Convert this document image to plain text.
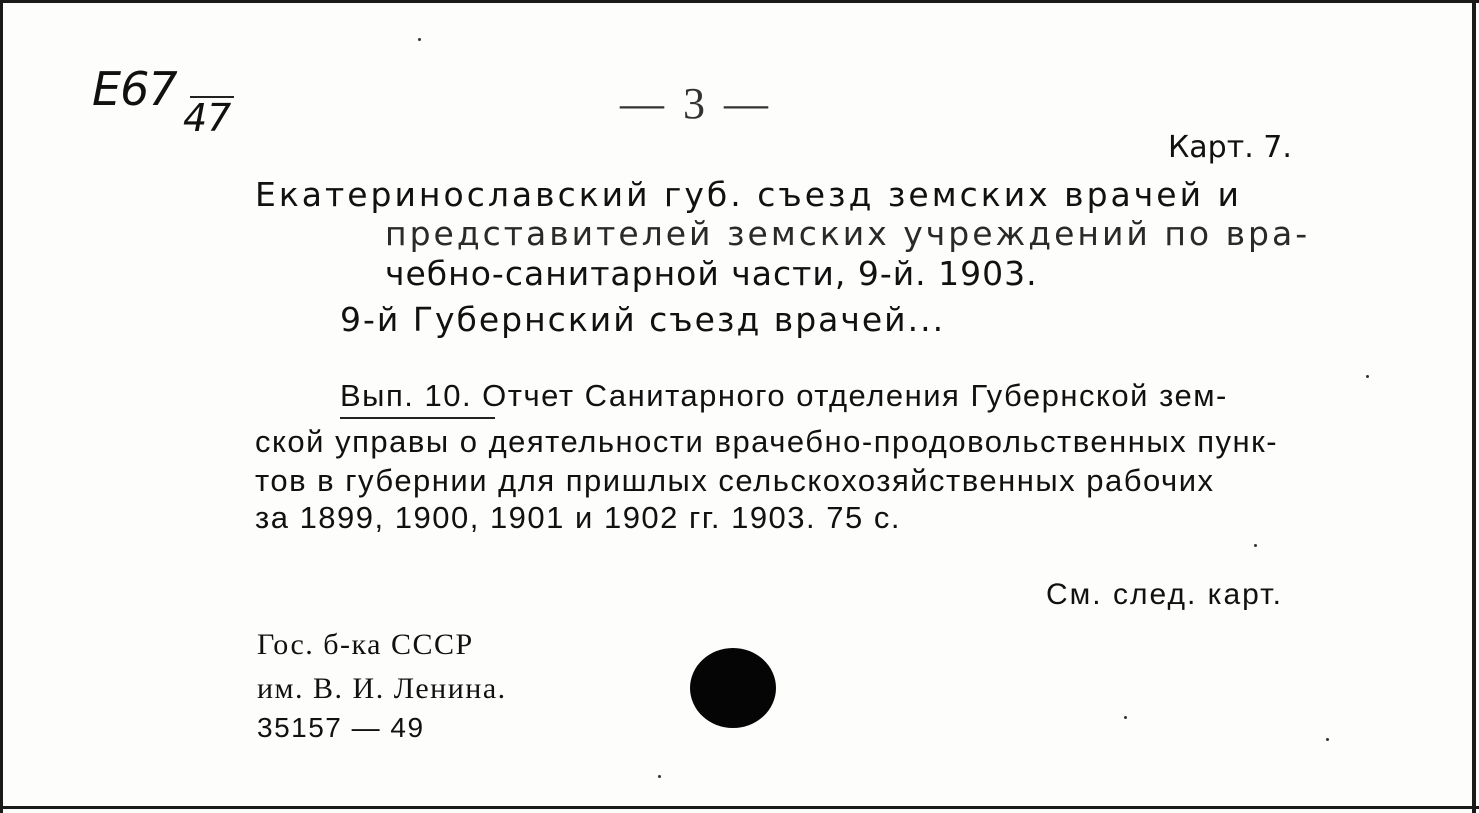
E67
47	— 3 —
Карт. 7.
Екатеринославский губ. съезд земских врачей и
представителей земских учреждений по вра-
чебно-санитарной части, 9-й. 1903.
9-й Губернский съезд врачей...
Вып. 10. Отчет Санитарного отделения Губернской зем-
ской управы о деятельности врачебно-продовольственных пунк-
тов в губернии для пришлых сельскохозяйственных рабочих
за 1899, 1900, 1901 и 1902 гг. 1903. 75 с.
См. след. карт.
Гос. б-ка СССР
им. В. И. Ленина.
35157 — 49
